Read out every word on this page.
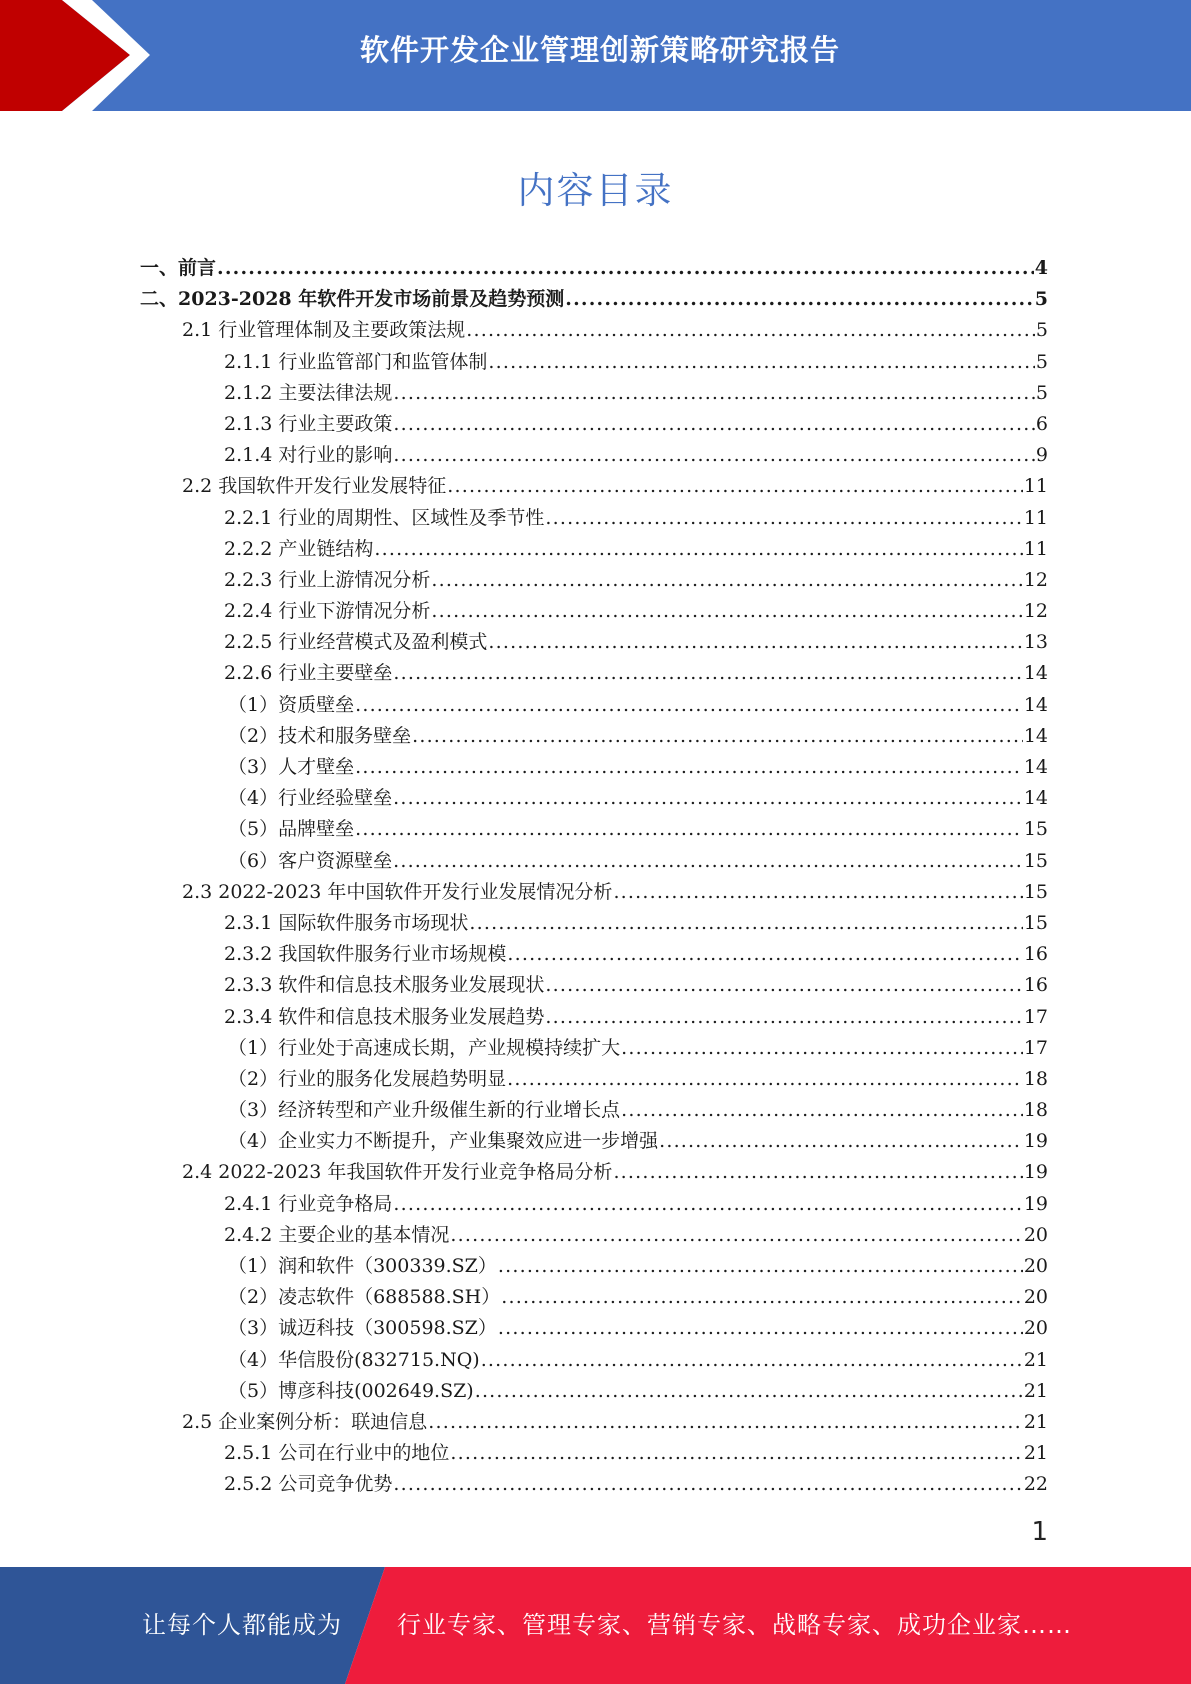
软件开发企业管理创新策略研究报告
内容目录
一、前言 .....	4
二、2023-2028 年软件开发市场前景及趋势预测 .....	5
2.1 行业管理体制及主要政策法规 .....	5
2.1.1 行业监管部门和监管体制 .....	5
2.1.2 主要法律法规 .....	5
2.1.3 行业主要政策 .....	6
2.1.4 对行业的影响 .....	9
2.2 我国软件开发行业发展特征 .....	11
2.2.1 行业的周期性、区域性及季节性 .....	11
2.2.2 产业链结构 .....	11
2.2.3 行业上游情况分析 .....	12
2.2.4 行业下游情况分析 .....	12
2.2.5 行业经营模式及盈利模式 .....	13
2.2.6 行业主要壁垒 .....	14
（1）资质壁垒 .....	14
（2）技术和服务壁垒 .....	14
（3）人才壁垒 .....	14
（4）行业经验壁垒 .....	14
（5）品牌壁垒 .....	15
（6）客户资源壁垒 .....	15
2.3 2022-2023 年中国软件开发行业发展情况分析 .....	15
2.3.1 国际软件服务市场现状 .....	15
2.3.2 我国软件服务行业市场规模 .....	16
2.3.3 软件和信息技术服务业发展现状 .....	16
2.3.4 软件和信息技术服务业发展趋势 .....	17
（1）行业处于高速成长期，产业规模持续扩大 .....	17
（2）行业的服务化发展趋势明显 .....	18
（3）经济转型和产业升级催生新的行业增长点 .....	18
（4）企业实力不断提升，产业集聚效应进一步增强 .....	19
2.4 2022-2023 年我国软件开发行业竞争格局分析 .....	19
2.4.1 行业竞争格局 .....	19
2.4.2 主要企业的基本情况 .....	20
（1）润和软件（300339.SZ） .....	20
（2）凌志软件（688588.SH） .....	20
（3）诚迈科技（300598.SZ） .....	20
（4）华信股份(832715.NQ) .....	21
（5）博彦科技(002649.SZ) .....	21
2.5 企业案例分析：联迪信息 .....	21
2.5.1 公司在行业中的地位 .....	21
2.5.2 公司竞争优势 .....	22
1
让每个人都能成为 行业专家、管理专家、营销专家、战略专家、成功企业家……
